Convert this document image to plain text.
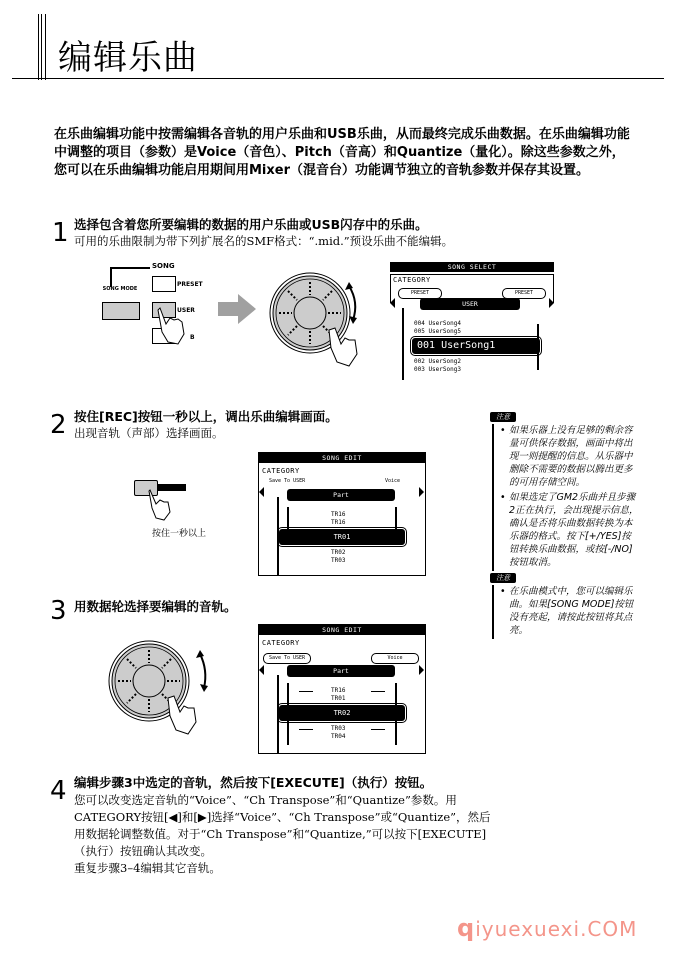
编辑乐曲
在乐曲编辑功能中按需编辑各音轨的用户乐曲和USB乐曲，从而最终完成乐曲数据。在乐曲编辑功能中调整的项目（参数）是Voice（音色）、Pitch（音高）和Quantize（量化）。除这些参数之外，您可以在乐曲编辑功能启用期间用Mixer（混音台）功能调节独立的音轨参数并保存其设置。
1 选择包含着您所要编辑的数据的用户乐曲或USB闪存中的乐曲。
可用的乐曲限制为带下列扩展名的SMF格式：“.mid.”预设乐曲不能编辑。
SONG
SONG MODE
PRESET
USER
B
SONG SELECT
CATEGORY
PRESET	PRESET
USER
004 UserSong4
005 UserSong5
001 UserSong1
002 UserSong2
003 UserSong3
2 按住[REC]按钮一秒以上，调出乐曲编辑画面。
出现音轨（声部）选择画面。
按住一秒以上
SONG EDIT
CATEGORY
Save To USER	Voice
Part
TR16
TR16
TR01
TR02
TR03
注意
• 如果乐器上没有足够的剩余容量可供保存数据，画面中将出现一则提醒的信息。从乐器中删除不需要的数据以腾出更多的可用存储空间。
• 如果选定了GM2乐曲并且步骤2正在执行，会出现提示信息，确认是否将乐曲数据转换为本乐器的格式。按下[+/YES]按钮转换乐曲数据，或按[-/NO]按钮取消。
注意
• 在乐曲模式中，您可以编辑乐曲。如果[SONG MODE]按钮没有亮起，请按此按钮将其点亮。
3 用数据轮选择要编辑的音轨。
SONG EDIT
CATEGORY
Save To USER	Voice
Part
TR16
TR01
TR02
TR03
TR04
4 编辑步骤3中选定的音轨，然后按下[EXECUTE]（执行）按钮。
您可以改变选定音轨的“Voice”、“Ch Transpose”和“Quantize”参数。用
CATEGORY按钮[◀]和[▶]选择“Voice”、“Ch Transpose”或“Quantize”，然后
用数据轮调整数值。对于“Ch Transpose”和“Quantize,”可以按下[EXECUTE]
（执行）按钮确认其改变。
重复步骤3–4编辑其它音轨。
qiyuexuexi.COM
